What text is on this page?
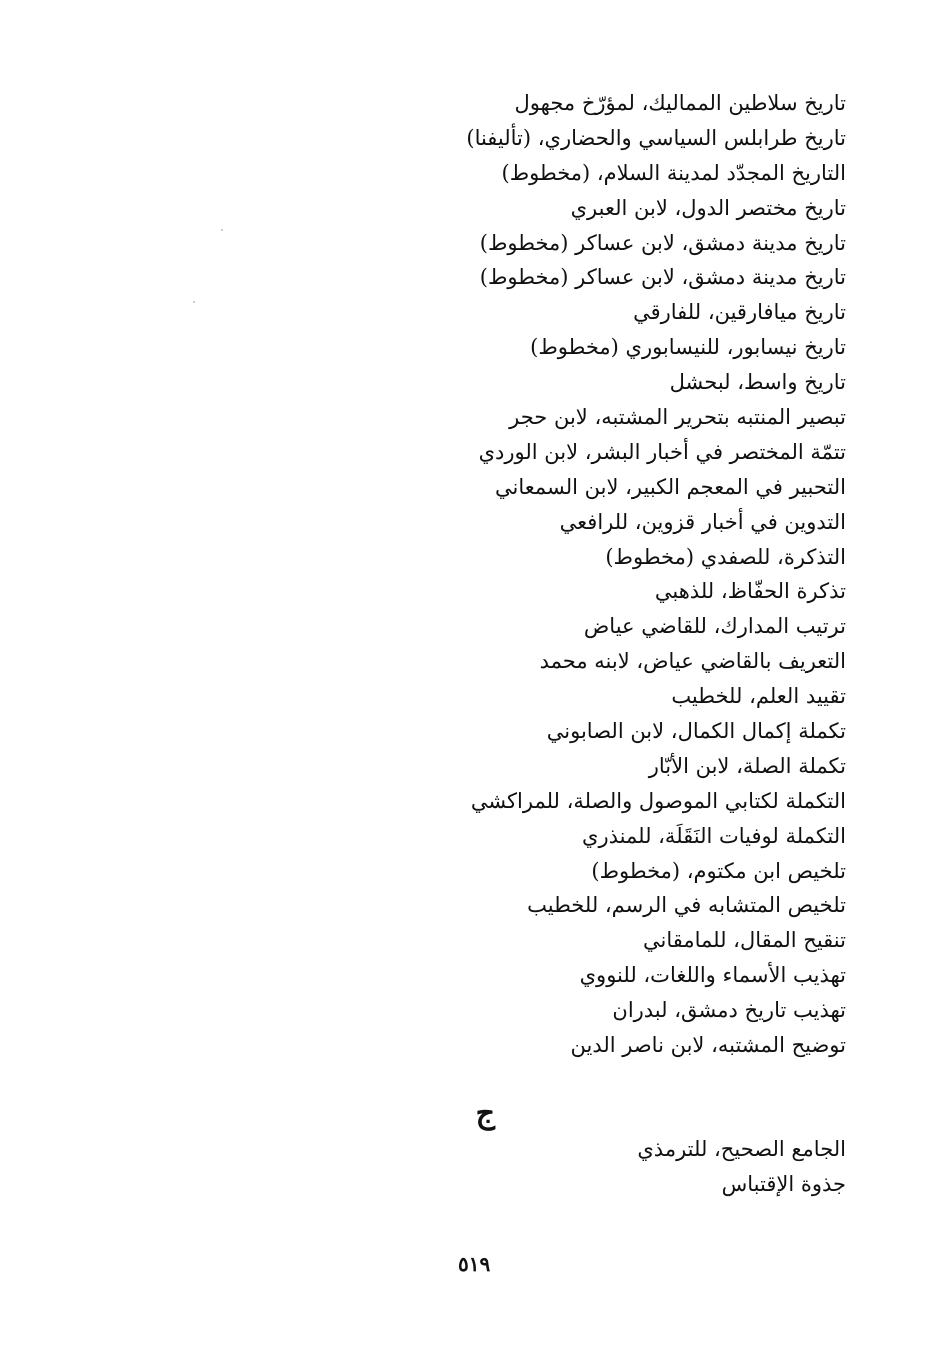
تاريخ سلاطين المماليك، لمؤرّخ مجهول
تاريخ طرابلس السياسي والحضاري، (تأليفنا)
التاريخ المجدّد لمدينة السلام، (مخطوط)
تاريخ مختصر الدول، لابن العبري
تاريخ مدينة دمشق، لابن عساكر (مخطوط)
تاريخ مدينة دمشق، لابن عساكر (مخطوط)
تاريخ ميافارقين، للفارقي
تاريخ نيسابور، للنيسابوري (مخطوط)
تاريخ واسط، لبحشل
تبصير المنتبه بتحرير المشتبه، لابن حجر
تتمّة المختصر في أخبار البشر، لابن الوردي
التحبير في المعجم الكبير، لابن السمعاني
التدوين في أخبار قزوين، للرافعي
التذكرة، للصفدي (مخطوط)
تذكرة الحفّاظ، للذهبي
ترتيب المدارك، للقاضي عياض
التعريف بالقاضي عياض، لابنه محمد
تقييد العلم، للخطيب
تكملة إكمال الكمال، لابن الصابوني
تكملة الصلة، لابن الأبّار
التكملة لكتابي الموصول والصلة، للمراكشي
التكملة لوفيات النَقَلَة، للمنذري
تلخيص ابن مكتوم، (مخطوط)
تلخيص المتشابه في الرسم، للخطيب
تنقيح المقال، للمامقاني
تهذيب الأسماء واللغات، للنووي
تهذيب تاريخ دمشق، لبدران
توضيح المشتبه، لابن ناصر الدين
ج
الجامع الصحيح، للترمذي
جذوة الإقتباس
٥١٩
